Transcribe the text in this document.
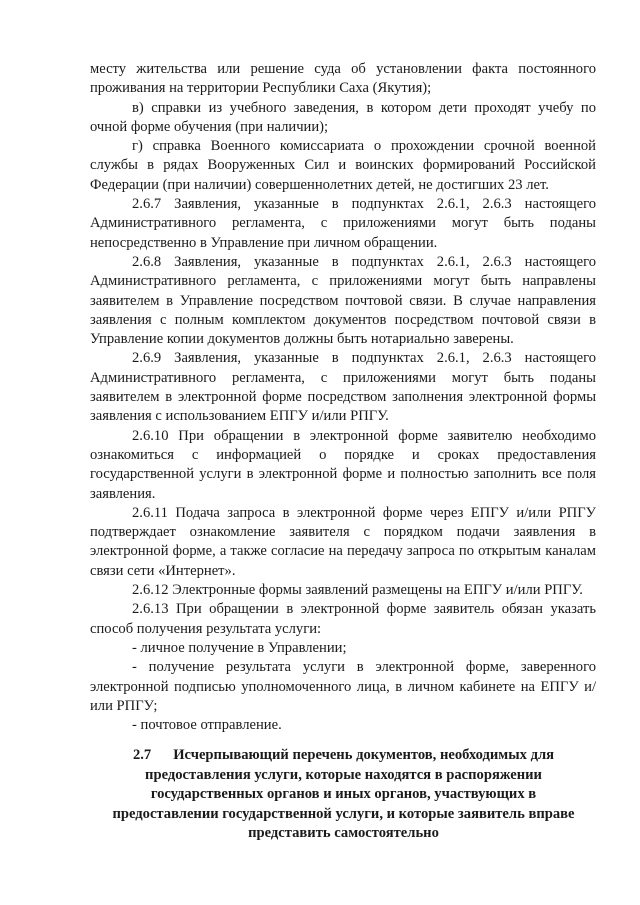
месту жительства или решение суда об установлении факта постоянного проживания на территории Республики Саха (Якутия);

в) справки из учебного заведения, в котором дети проходят учебу по очной форме обучения (при наличии);

г) справка Военного комиссариата о прохождении срочной военной службы в рядах Вооруженных Сил и воинских формирований Российской Федерации (при наличии) совершеннолетних детей, не достигших 23 лет.

2.6.7 Заявления, указанные в подпунктах 2.6.1, 2.6.3 настоящего Административного регламента, с приложениями могут быть поданы непосредственно в Управление при личном обращении.

2.6.8 Заявления, указанные в подпунктах 2.6.1, 2.6.3 настоящего Административного регламента, с приложениями могут быть направлены заявителем в Управление посредством почтовой связи. В случае направления заявления с полным комплектом документов посредством почтовой связи в Управление копии документов должны быть нотариально заверены.

2.6.9 Заявления, указанные в подпунктах 2.6.1, 2.6.3 настоящего Административного регламента, с приложениями могут быть поданы заявителем в электронной форме посредством заполнения электронной формы заявления с использованием ЕПГУ и/или РПГУ.

2.6.10 При обращении в электронной форме заявителю необходимо ознакомиться с информацией о порядке и сроках предоставления государственной услуги в электронной форме и полностью заполнить все поля заявления.

2.6.11 Подача запроса в электронной форме через ЕПГУ и/или РПГУ подтверждает ознакомление заявителя с порядком подачи заявления в электронной форме, а также согласие на передачу запроса по открытым каналам связи сети «Интернет».

2.6.12 Электронные формы заявлений размещены на ЕПГУ и/или РПГУ.

2.6.13 При обращении в электронной форме заявитель обязан указать способ получения результата услуги:

- личное получение в Управлении;

- получение результата услуги в электронной форме, заверенного электронной подписью уполномоченного лица, в личном кабинете на ЕПГУ и/или РПГУ;

- почтовое отправление.

2.7 Исчерпывающий перечень документов, необходимых для предоставления услуги, которые находятся в распоряжении государственных органов и иных органов, участвующих в предоставлении государственной услуги, и которые заявитель вправе представить самостоятельно
